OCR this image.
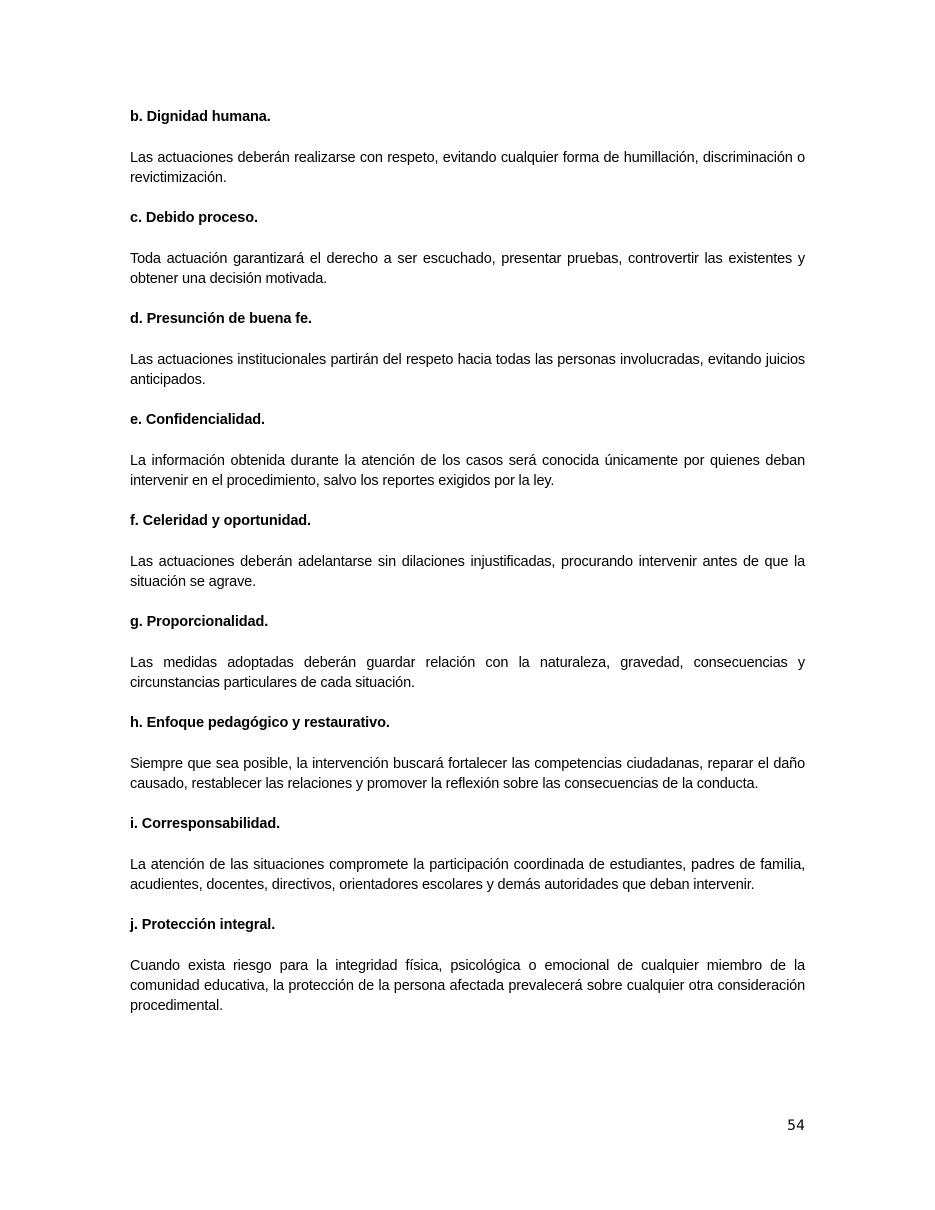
b. Dignidad humana.

Las actuaciones deberán realizarse con respeto, evitando cualquier forma de humillación, discriminación o revictimización.

c. Debido proceso.

Toda actuación garantizará el derecho a ser escuchado, presentar pruebas, controvertir las existentes y obtener una decisión motivada.

d. Presunción de buena fe.

Las actuaciones institucionales partirán del respeto hacia todas las personas involucradas, evitando juicios anticipados.

e. Confidencialidad.

La información obtenida durante la atención de los casos será conocida únicamente por quienes deban intervenir en el procedimiento, salvo los reportes exigidos por la ley.

f. Celeridad y oportunidad.

Las actuaciones deberán adelantarse sin dilaciones injustificadas, procurando intervenir antes de que la situación se agrave.

g. Proporcionalidad.

Las medidas adoptadas deberán guardar relación con la naturaleza, gravedad, consecuencias y circunstancias particulares de cada situación.

h. Enfoque pedagógico y restaurativo.

Siempre que sea posible, la intervención buscará fortalecer las competencias ciudadanas, reparar el daño causado, restablecer las relaciones y promover la reflexión sobre las consecuencias de la conducta.

i. Corresponsabilidad.

La atención de las situaciones compromete la participación coordinada de estudiantes, padres de familia, acudientes, docentes, directivos, orientadores escolares y demás autoridades que deban intervenir.

j. Protección integral.

Cuando exista riesgo para la integridad física, psicológica o emocional de cualquier miembro de la comunidad educativa, la protección de la persona afectada prevalecerá sobre cualquier otra consideración procedimental.

54
